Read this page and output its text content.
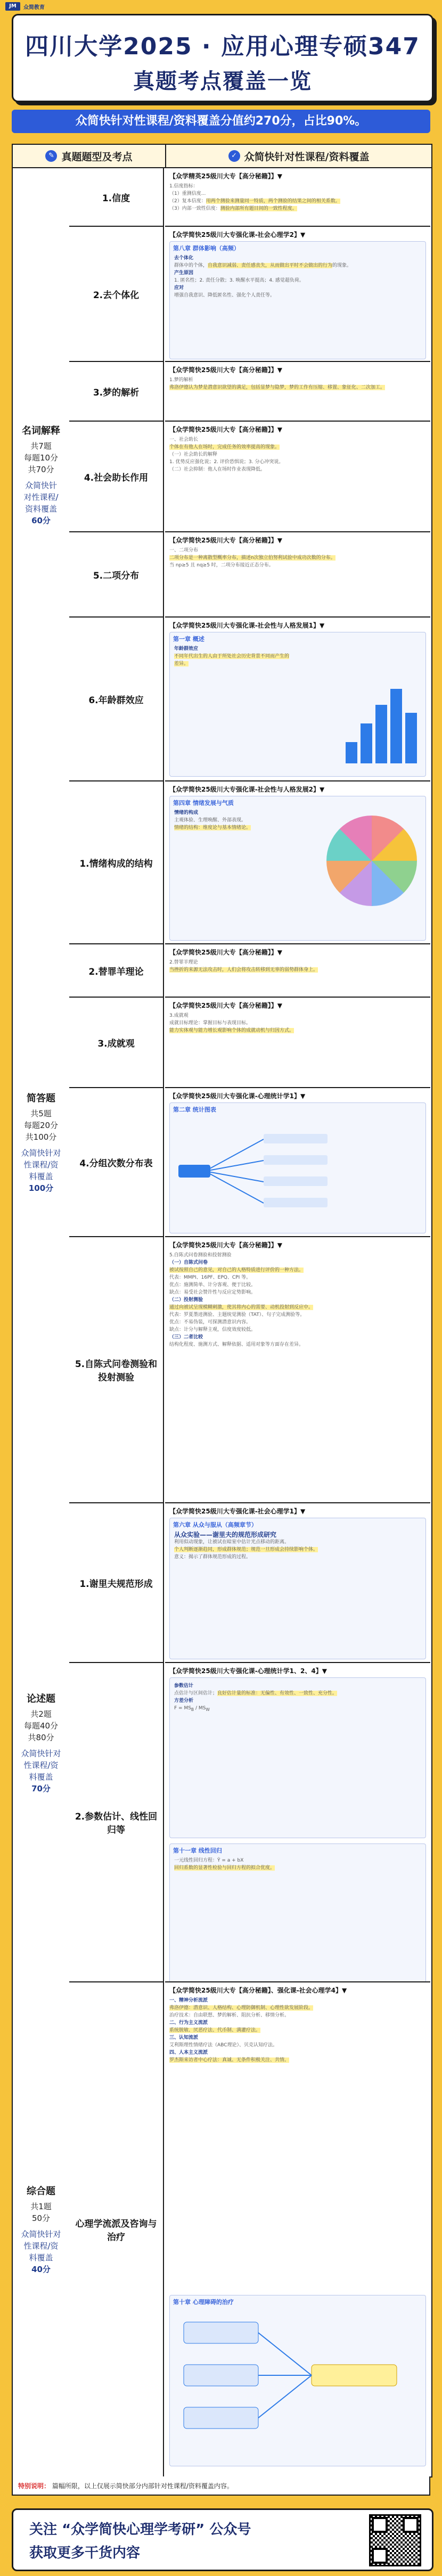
JM	众简教育
四川大学2025 · 应用心理专硕347
真题考点覆盖一览
众简快针对性课程/资料覆盖分值约270分，占比90%。
✎ 真题题型及考点	✓ 众简快针对性课程/资料覆盖
名词解释
共7题
每题10分
共70分
众简快针
对性课程/
资料覆盖
60分
简答题
共5题
每题20分
共100分
众简快针对
性课程/资
料覆盖
100分
论述题
共2题
每题40分
共80分
众简快针对
性课程/资
料覆盖
70分
综合题
共1题
50分
众简快针对
性课程/资
料覆盖
40分
1.信度
2.去个体化
3.梦的解析
4.社会助长作用
5.二项分布
6.年龄群效应
1.情绪构成的结构
2.替罪羊理论
3.成就观
4.分组次数分布表
5.自陈式问卷测验和投射测验
1.谢里夫规范形成
2.参数估计、线性回归等
心理学流派及咨询与治疗
【众学精英25级川大专【高分秘籍】】▼
1.信度指标：
（1）重测信度...
（2）复本信度：用两个测验来测量同一特质，两个测验的结果之间的相关系数。
（3）内部一致性信度：测验内部所有题目间的一致性程度。
【众学简快25级川大专强化课-社会心理学2】▼
第八章 群体影响（高频）
去个体化
群体中的个体，自我意识减弱、责任感丧失，从而做出平时不会做出的行为的现象。
产生原因
1. 匿名性；2. 责任分散；3. 唤醒水平提高；4. 感觉超负荷。
应对
增强自我意识、降低匿名性、强化个人责任等。
【众学简快25级川大专【高分秘籍】】▼
1.梦的解析
弗洛伊德认为梦是潜意识欲望的满足，包括显梦与隐梦，梦的工作有压缩、移置、象征化、二次加工。
【众学简快25级川大专【高分秘籍】】▼
一、社会助长
个体在有他人在场时，完成任务的效率提高的现象。
（一）社会助长的解释
1. 优势反应强化说；2. 评价恐惧说；3. 分心冲突说。
（二）社会抑制：他人在场时作业表现降低。
【众学简快25级川大专【高分秘籍】】▼
一、二项分布
二项分布是一种离散型概率分布，描述n次独立伯努利试验中成功次数的分布。
当 np≥5 且 nq≥5 时，二项分布接近正态分布。
【众学简快25级川大专强化课-社会性与人格发展1】▼
第一章 概述
年龄群效应
不同年代出生的人由于所处社会历史背景不同而产生的差异。
【众学简快25级川大专强化课-社会性与人格发展2】▼
第四章 情绪发展与气质
情绪的构成
主观体验、生理唤醒、外部表现。
情绪的结构：维度论与基本情绪论。
【众学简快25级川大专【高分秘籍】】▼
2.替罪羊理论
当挫折的来源无法攻击时，人们会将攻击转移到无辜的弱势群体身上。
【众学简快25级川大专【高分秘籍】】▼
3.成就观
成就目标理论：掌握目标与表现目标。
能力实体观与能力增长观影响个体的成就动机与归因方式。
【众学简快25级川大专强化课-心理统计学1】▼
第二章 统计图表
【众学简快25级川大专【高分秘籍】】▼
5.自陈式问卷测验和投射测验
（一）自陈式问卷
被试按照自己的意见，对自己的人格特质进行评价的一种方法。
代表：MMPI、16PF、EPQ、CPI 等。
优点：施测简单、计分客观、便于比较。
缺点：易受社会赞许性与反应定势影响。
（二）投射测验
通过向被试呈现模糊刺激，使其将内心的需要、动机投射到反应中。
代表：罗夏墨迹测验、主题统觉测验（TAT）、句子完成测验等。
优点：不易伪装，可探测潜意识内容。
缺点：计分与解释主观，信度效度较低。
（三）二者比较
结构化程度、施测方式、解释依据、适用对象等方面存在差异。
【众学简快25级川大专强化课-社会心理学1】▼
第六章 从众与服从（高频章节）
从众实验——谢里夫的规范形成研究
利用似动现象，让被试在暗室中估计光点移动的距离。
个人判断逐渐趋同，形成群体规范；规范一旦形成会持续影响个体。
意义：揭示了群体规范形成的过程。
【众学简快25级川大专强化课-心理统计学1、2、4】▼
参数估计
点估计与区间估计；良好估计量的标准：无偏性、有效性、一致性、充分性。
方差分析
$F = MS_B / MS_W$
第十一章 线性回归
一元线性回归方程：Ŷ = a + bX
回归系数的显著性检验与回归方程的拟合优度。
【众学简快25级川大专【高分秘籍】、强化课-社会心理学4】▼
一、精神分析流派
弗洛伊德：潜意识、人格结构、心理防御机制、心理性欲发展阶段。
治疗技术：自由联想、梦的解析、阻抗分析、移情分析。
二、行为主义流派
系统脱敏、厌恶疗法、代币制、满灌疗法。
三、认知流派
艾利斯理性情绪疗法（ABC理论）、贝克认知疗法。
四、人本主义流派
罗杰斯来访者中心疗法：真诚、无条件积极关注、共情。
第十章 心理障碍的治疗
特别说明： 篇幅所限，以上仅展示简快部分内部针对性课程/资料覆盖内容。
关注 “众学简快心理学考研” 公众号
获取更多干货内容
